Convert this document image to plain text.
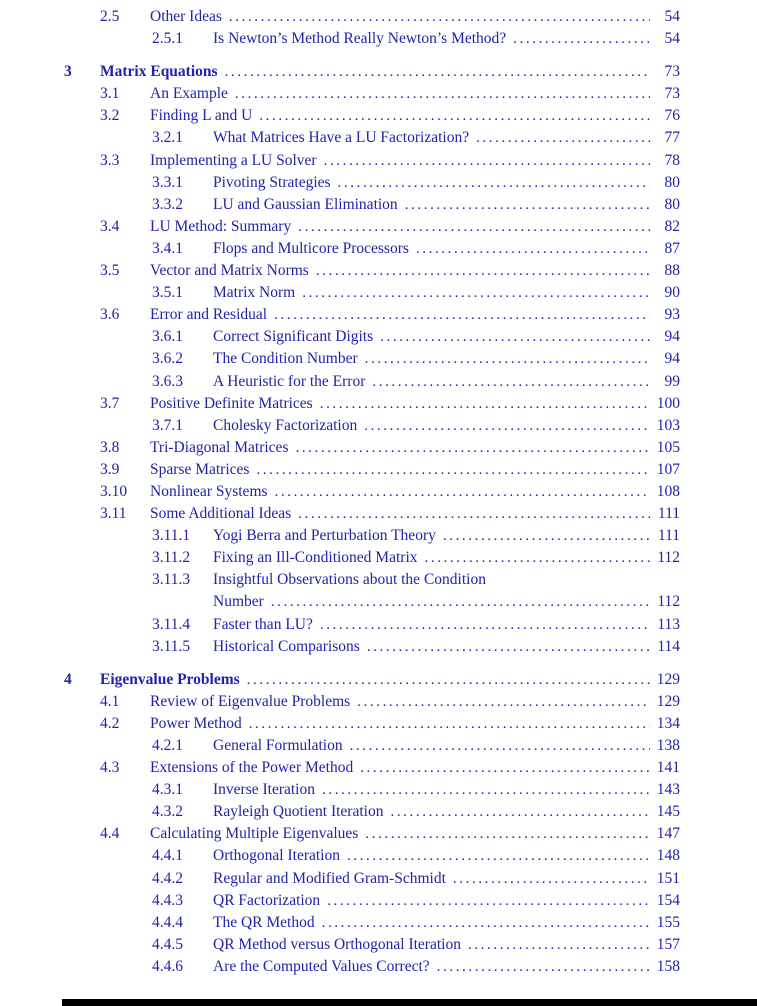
2.5	Other Ideas .....	54
2.5.1	Is Newton’s Method Really Newton’s Method? .....	54
3	Matrix Equations .....	73
3.1	An Example .....	73
3.2	Finding L and U .....	76
3.2.1	What Matrices Have a LU Factorization? .....	77
3.3	Implementing a LU Solver .....	78
3.3.1	Pivoting Strategies .....	80
3.3.2	LU and Gaussian Elimination .....	80
3.4	LU Method: Summary .....	82
3.4.1	Flops and Multicore Processors .....	87
3.5	Vector and Matrix Norms .....	88
3.5.1	Matrix Norm .....	90
3.6	Error and Residual .....	93
3.6.1	Correct Significant Digits .....	94
3.6.2	The Condition Number .....	94
3.6.3	A Heuristic for the Error .....	99
3.7	Positive Definite Matrices .....	100
3.7.1	Cholesky Factorization .....	103
3.8	Tri-Diagonal Matrices .....	105
3.9	Sparse Matrices .....	107
3.10	Nonlinear Systems .....	108
3.11	Some Additional Ideas .....	111
3.11.1	Yogi Berra and Perturbation Theory .....	111
3.11.2	Fixing an Ill-Conditioned Matrix .....	112
3.11.3	Insightful Observations about the Condition
Number .....	112
3.11.4	Faster than LU? .....	113
3.11.5	Historical Comparisons .....	114
4	Eigenvalue Problems .....	129
4.1	Review of Eigenvalue Problems .....	129
4.2	Power Method .....	134
4.2.1	General Formulation .....	138
4.3	Extensions of the Power Method .....	141
4.3.1	Inverse Iteration .....	143
4.3.2	Rayleigh Quotient Iteration .....	145
4.4	Calculating Multiple Eigenvalues .....	147
4.4.1	Orthogonal Iteration .....	148
4.4.2	Regular and Modified Gram-Schmidt .....	151
4.4.3	QR Factorization .....	154
4.4.4	The QR Method .....	155
4.4.5	QR Method versus Orthogonal Iteration .....	157
4.4.6	Are the Computed Values Correct? .....	158
